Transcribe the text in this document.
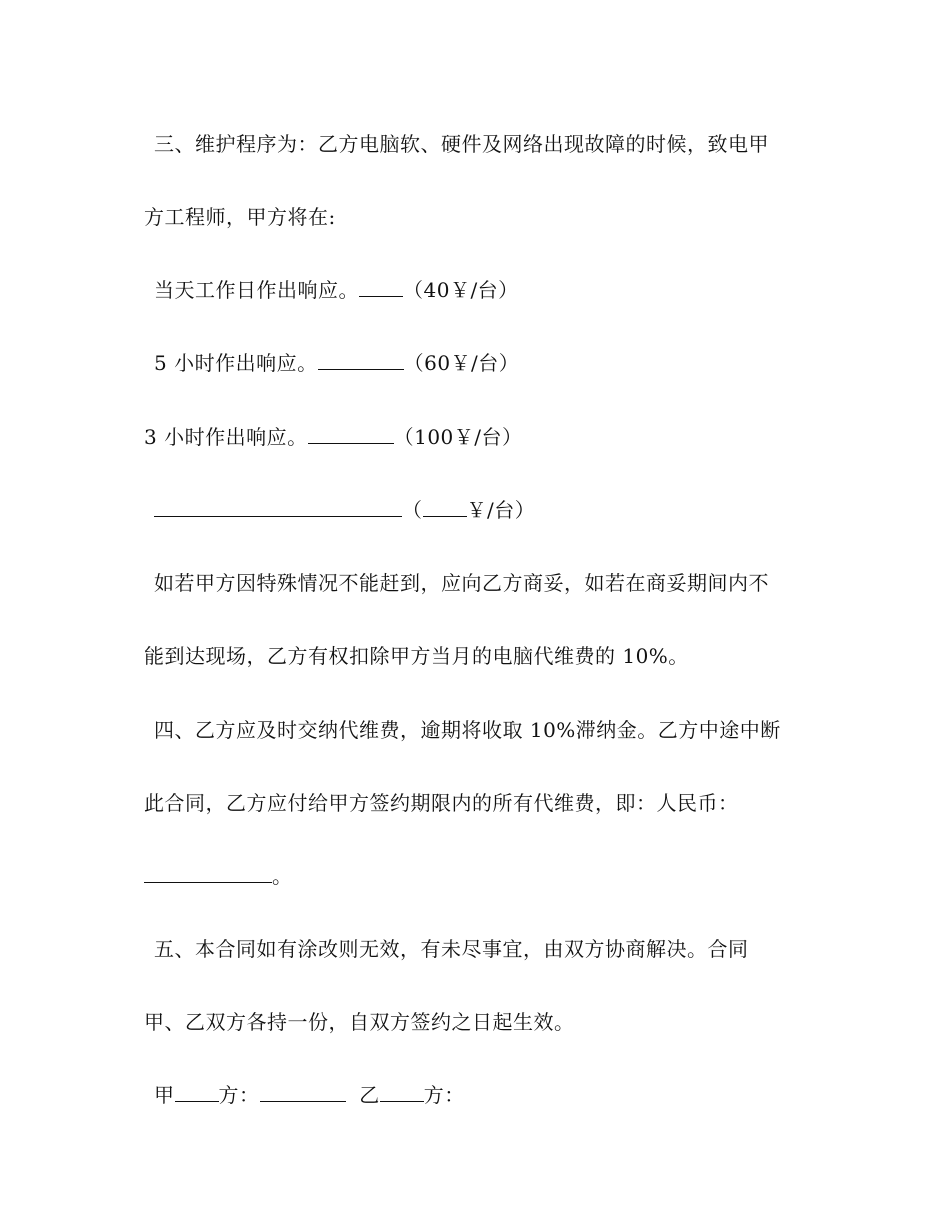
三、维护程序为：乙方电脑软、硬件及网络出现故障的时候，致电甲
方工程师，甲方将在:
当天工作日作出响应。 （40￥/台）
5 小时作出响应。	（60￥/台）
3 小时作出响应。	（100￥/台）
（ ￥/台）
如若甲方因特殊情况不能赶到，应向乙方商妥，如若在商妥期间内不
能到达现场，乙方有权扣除甲方当月的电脑代维费的 10%。
四、乙方应及时交纳代维费，逾期将收取 10%滞纳金。乙方中途中断
此合同，乙方应付给甲方签约期限内的所有代维费，即：人民币：
。
五、本合同如有涂改则无效，有未尽事宜，由双方协商解决。合同
甲、乙双方各持一份，自双方签约之日起生效。
甲 方：	乙 方：
